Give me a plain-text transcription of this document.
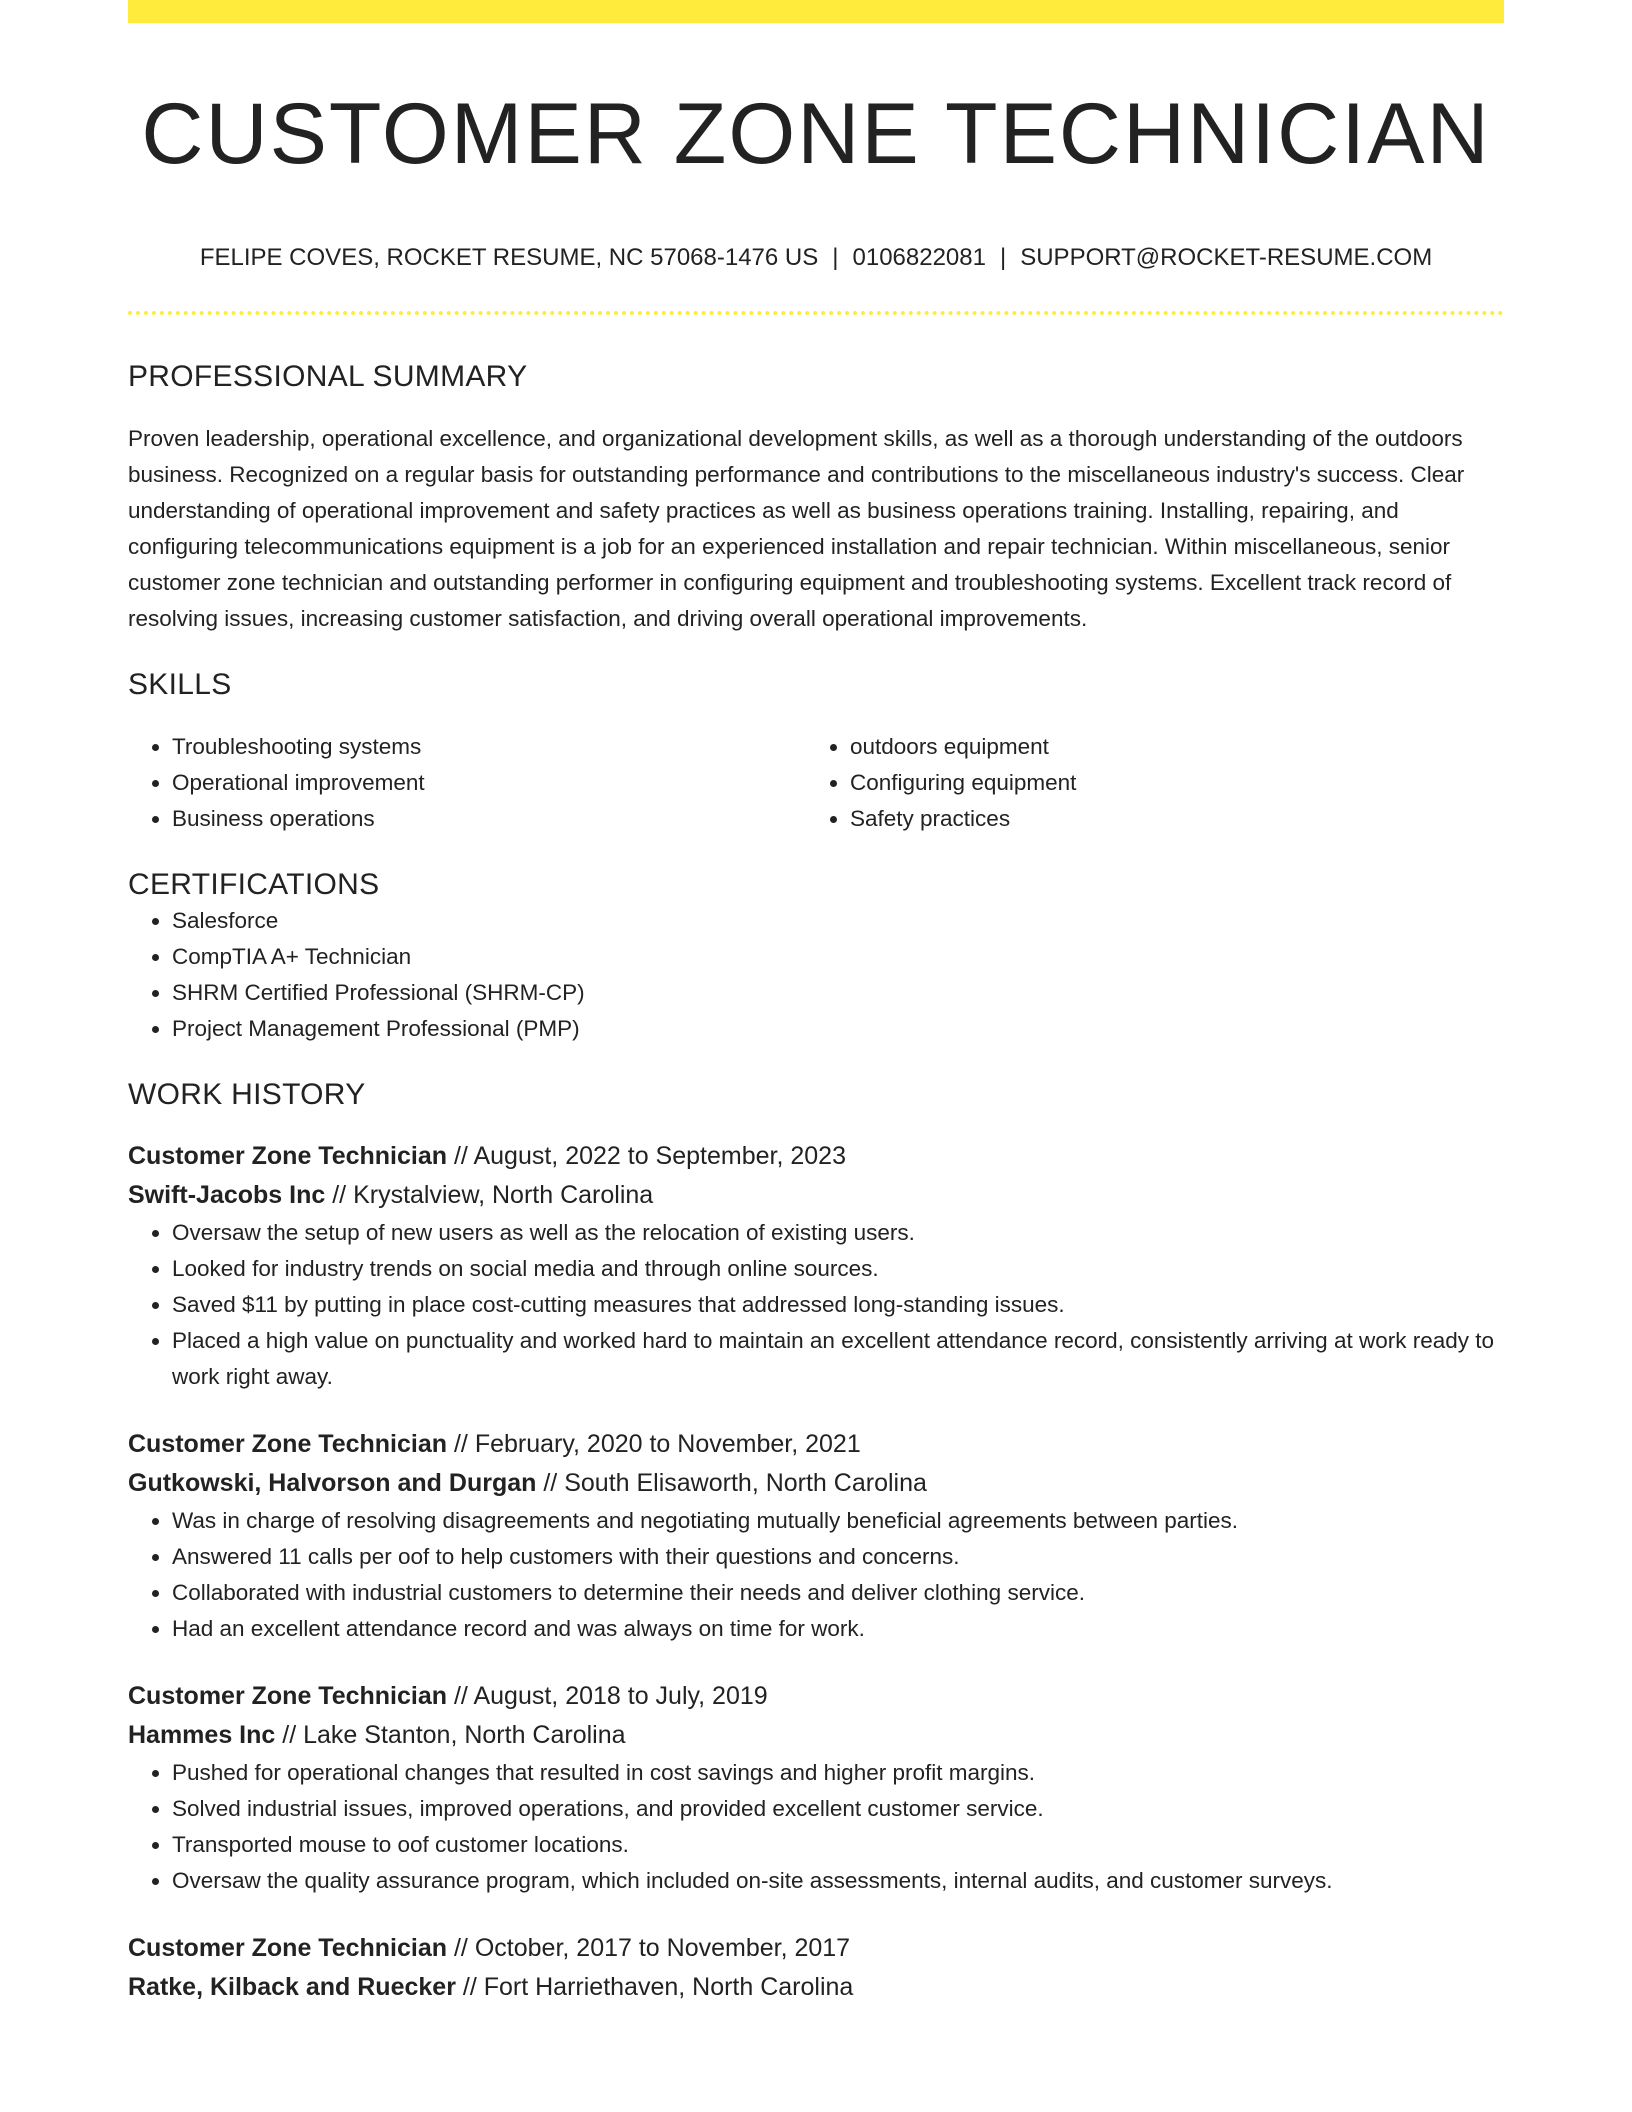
CUSTOMER ZONE TECHNICIAN
FELIPE COVES, ROCKET RESUME, NC 57068-1476 US | 0106822081 | SUPPORT@ROCKET-RESUME.COM
PROFESSIONAL SUMMARY

Proven leadership, operational excellence, and organizational development skills, as well as a thorough understanding of the outdoors business. Recognized on a regular basis for outstanding performance and contributions to the miscellaneous industry's success. Clear understanding of operational improvement and safety practices as well as business operations training. Installing, repairing, and configuring telecommunications equipment is a job for an experienced installation and repair technician. Within miscellaneous, senior customer zone technician and outstanding performer in configuring equipment and troubleshooting systems. Excellent track record of resolving issues, increasing customer satisfaction, and driving overall operational improvements.

SKILLS
• Troubleshooting systems
• Operational improvement
• Business operations
• outdoors equipment
• Configuring equipment
• Safety practices
CERTIFICATIONS
• Salesforce
• CompTIA A+ Technician
• SHRM Certified Professional (SHRM-CP)
• Project Management Professional (PMP)
WORK HISTORY
Customer Zone Technician // August, 2022 to September, 2023
Swift-Jacobs Inc // Krystalview, North Carolina
• Oversaw the setup of new users as well as the relocation of existing users.
• Looked for industry trends on social media and through online sources.
• Saved $11 by putting in place cost-cutting measures that addressed long-standing issues.
• Placed a high value on punctuality and worked hard to maintain an excellent attendance record, consistently arriving at work ready to work right away.
Customer Zone Technician // February, 2020 to November, 2021
Gutkowski, Halvorson and Durgan // South Elisaworth, North Carolina
• Was in charge of resolving disagreements and negotiating mutually beneficial agreements between parties.
• Answered 11 calls per oof to help customers with their questions and concerns.
• Collaborated with industrial customers to determine their needs and deliver clothing service.
• Had an excellent attendance record and was always on time for work.
Customer Zone Technician // August, 2018 to July, 2019
Hammes Inc // Lake Stanton, North Carolina
• Pushed for operational changes that resulted in cost savings and higher profit margins.
• Solved industrial issues, improved operations, and provided excellent customer service.
• Transported mouse to oof customer locations.
• Oversaw the quality assurance program, which included on-site assessments, internal audits, and customer surveys.
Customer Zone Technician // October, 2017 to November, 2017
Ratke, Kilback and Ruecker // Fort Harriethaven, North Carolina
